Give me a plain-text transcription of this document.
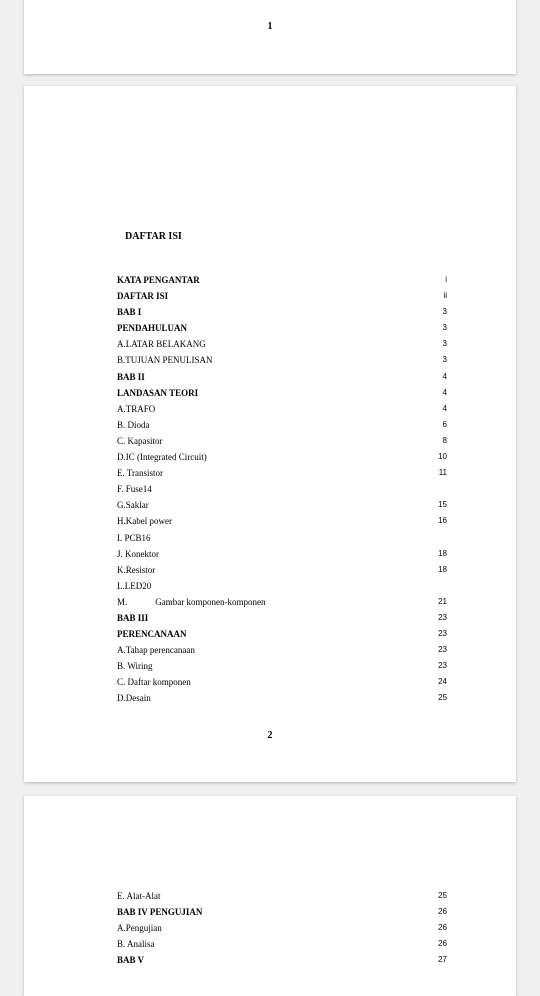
1
DAFTAR ISI
KATA PENGANTAR	i
DAFTAR ISI	ii
BAB I	3
PENDAHULUAN	3
A.LATAR BELAKANG	3
B.TUJUAN PENULISAN	3
BAB II	4
LANDASAN TEORI	4
A.TRAFO	4
B. Dioda	6
C. Kapasitor	8
D.IC (Integrated Circuit)	10
E. Transistor	11
F. Fuse14
G.Saklar	15
H.Kabel power	16
I. PCB16
J. Konektor	18
K.Resistor	18
L.LED20
M.	Gambar komponen-komponen	21
BAB III	23
PERENCANAAN	23
A.Tahap perencanaan	23
B. Wiring	23
C. Daftar komponen	24
D.Desain	25
2
E. Alat-Alat	25
BAB IV PENGUJIAN	26
A.Pengujian	26
B. Analisa	26
BAB V	27
